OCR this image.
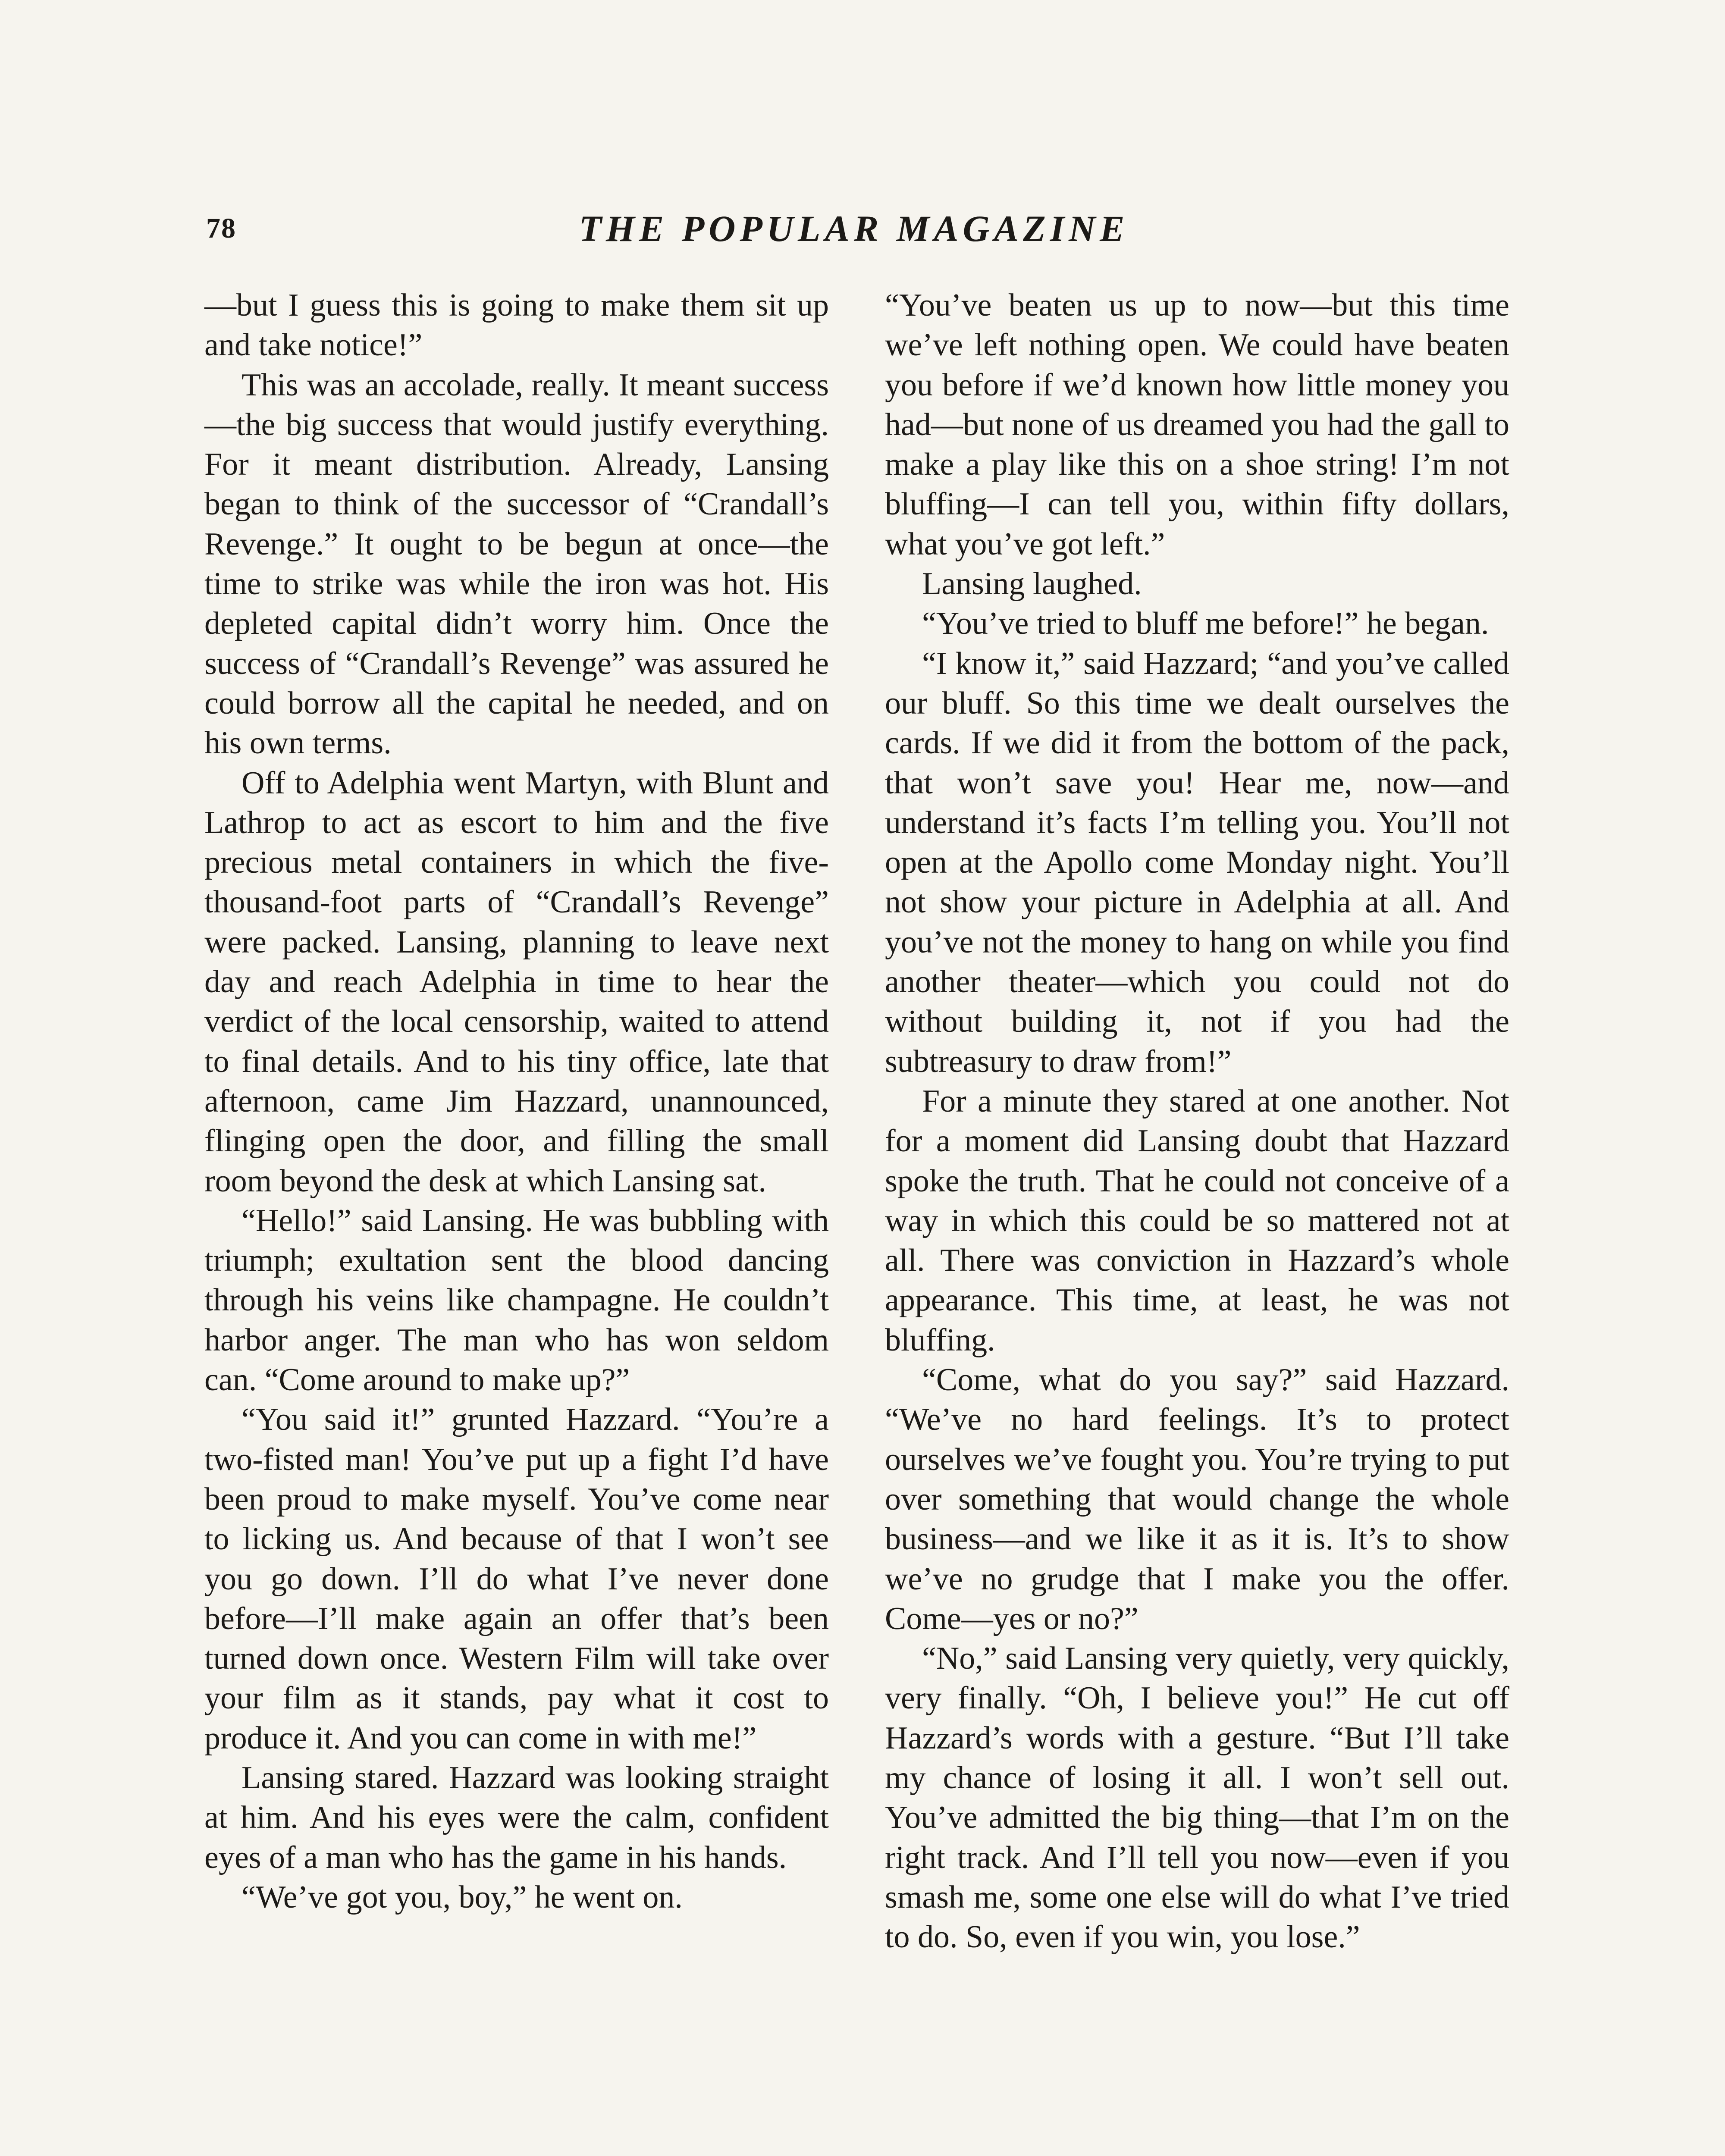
78	THE POPULAR MAGAZINE

—but I guess this is going to make them sit up and take notice!”

This was an accolade, really. It meant success—the big success that would justify everything. For it meant distribution. Already, Lansing began to think of the successor of “Crandall’s Revenge.” It ought to be begun at once—the time to strike was while the iron was hot. His depleted capital didn’t worry him. Once the success of “Crandall’s Revenge” was assured he could borrow all the capital he needed, and on his own terms.

Off to Adelphia went Martyn, with Blunt and Lathrop to act as escort to him and the five precious metal containers in which the five-thousand-foot parts of “Crandall’s Revenge” were packed. Lansing, planning to leave next day and reach Adelphia in time to hear the verdict of the local censorship, waited to attend to final details. And to his tiny office, late that afternoon, came Jim Hazzard, unannounced, flinging open the door, and filling the small room beyond the desk at which Lansing sat.

“Hello!” said Lansing. He was bubbling with triumph; exultation sent the blood dancing through his veins like champagne. He couldn’t harbor anger. The man who has won seldom can. “Come around to make up?”

“You said it!” grunted Hazzard. “You’re a two-fisted man! You’ve put up a fight I’d have been proud to make myself. You’ve come near to licking us. And because of that I won’t see you go down. I’ll do what I’ve never done before—I’ll make again an offer that’s been turned down once. Western Film will take over your film as it stands, pay what it cost to produce it. And you can come in with me!”

Lansing stared. Hazzard was looking straight at him. And his eyes were the calm, confident eyes of a man who has the game in his hands.

“We’ve got you, boy,” he went on.

“You’ve beaten us up to now—but this time we’ve left nothing open. We could have beaten you before if we’d known how little money you had—but none of us dreamed you had the gall to make a play like this on a shoe string! I’m not bluffing—I can tell you, within fifty dollars, what you’ve got left.”

Lansing laughed.

“You’ve tried to bluff me before!” he began.

“I know it,” said Hazzard; “and you’ve called our bluff. So this time we dealt ourselves the cards. If we did it from the bottom of the pack, that won’t save you! Hear me, now—and understand it’s facts I’m telling you. You’ll not open at the Apollo come Monday night. You’ll not show your picture in Adelphia at all. And you’ve not the money to hang on while you find another theater—which you could not do without building it, not if you had the subtreasury to draw from!”

For a minute they stared at one another. Not for a moment did Lansing doubt that Hazzard spoke the truth. That he could not conceive of a way in which this could be so mattered not at all. There was conviction in Hazzard’s whole appearance. This time, at least, he was not bluffing.

“Come, what do you say?” said Hazzard. “We’ve no hard feelings. It’s to protect ourselves we’ve fought you. You’re trying to put over something that would change the whole business—and we like it as it is. It’s to show we’ve no grudge that I make you the offer. Come—yes or no?”

“No,” said Lansing very quietly, very quickly, very finally. “Oh, I believe you!” He cut off Hazzard’s words with a gesture. “But I’ll take my chance of losing it all. I won’t sell out. You’ve admitted the big thing—that I’m on the right track. And I’ll tell you now—even if you smash me, some one else will do what I’ve tried to do. So, even if you win, you lose.”
